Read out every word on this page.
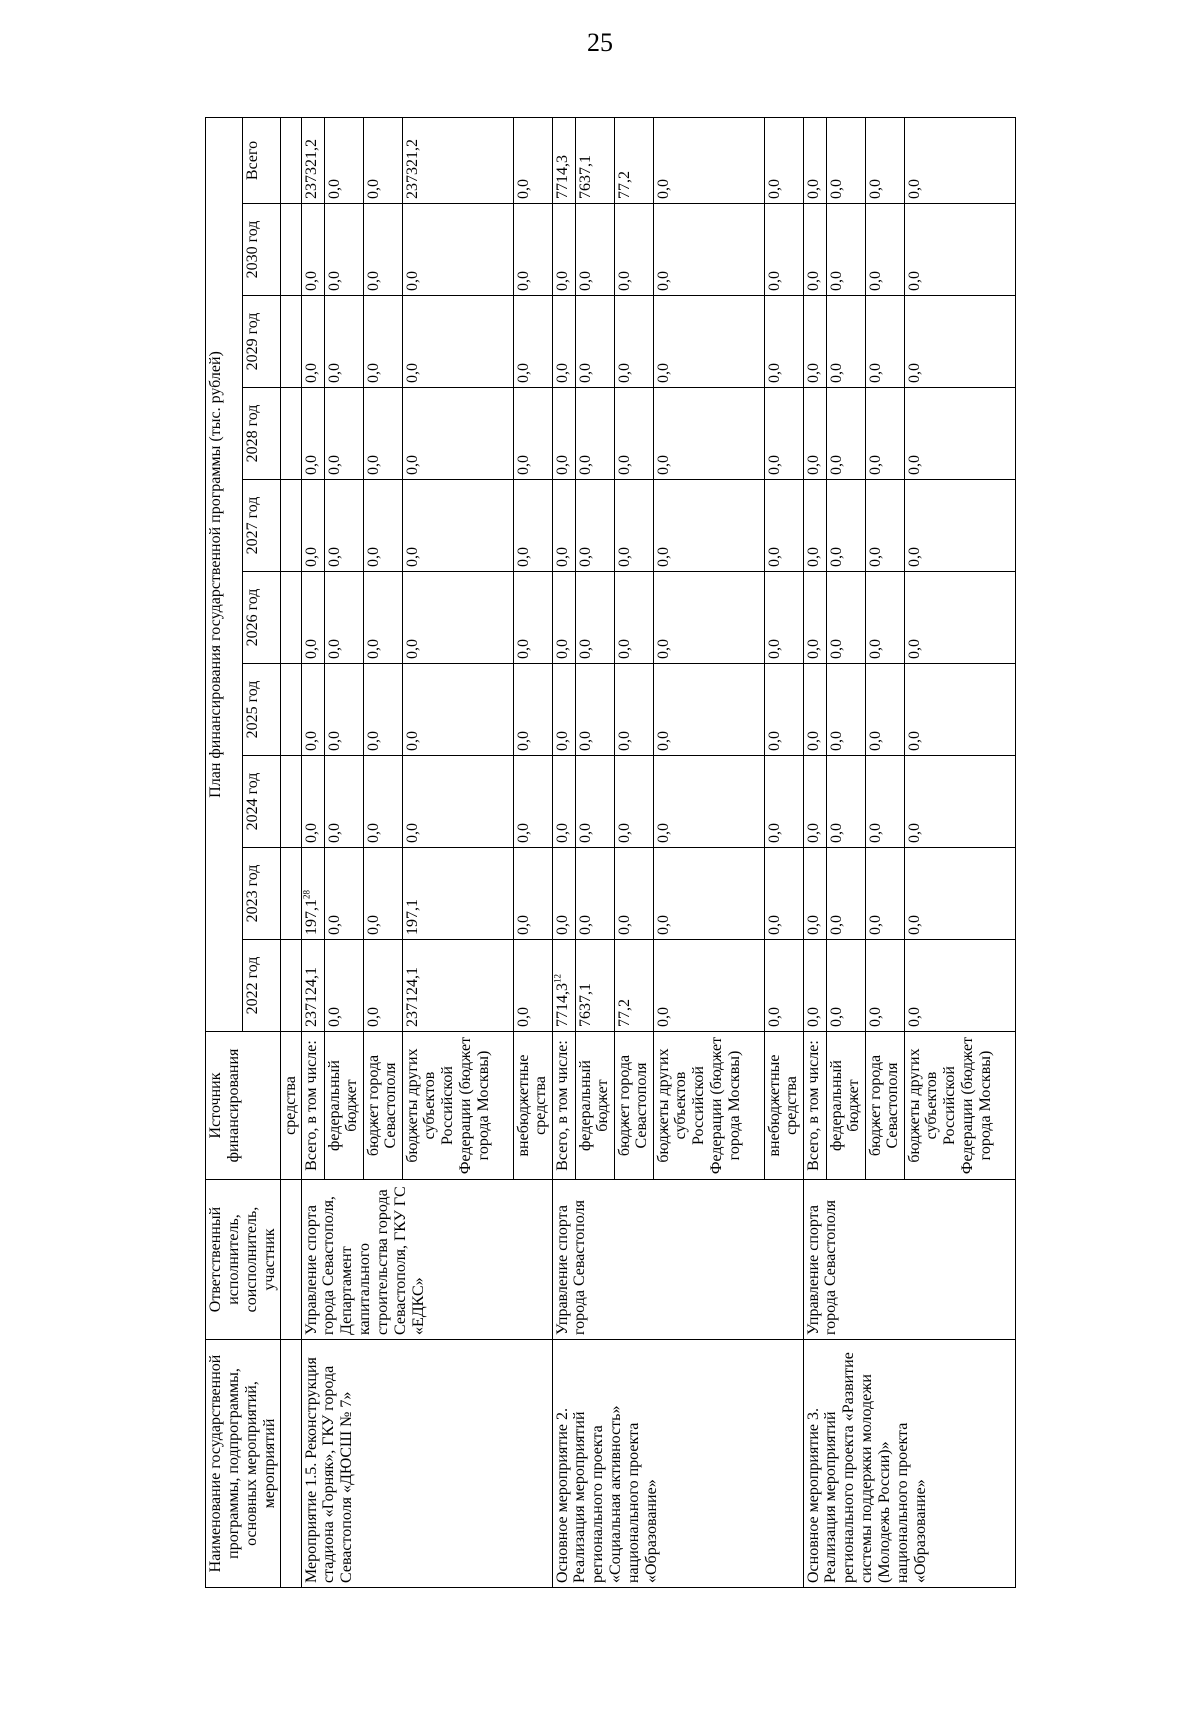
25
Наименование государственной программы, подпрограммы, основных мероприятий, мероприятий	Ответственный исполнитель, соисполнитель, участник	Источник финансирования	План финансирования государственной программы (тыс. рублей)									
			2022 год	2023 год	2024 год	2025 год	2026 год	2027 год	2028 год	2029 год	2030 год	Всего
		средства										
Мероприятие 1.5. Реконструкция стадиона «Горняк», ГКУ города Севастополя «ДЮСШ № 7»	Управление спорта города Севастополя, Департамент капитального строительства города Севастополя, ГКУ ГС «ЕДКС»	Всего, в том числе:	237124,1	197,1$^{28}$	0,0	0,0	0,0	0,0	0,0	0,0	0,0	237321,2
		федеральный бюджет	0,0	0,0	0,0	0,0	0,0	0,0	0,0	0,0	0,0	0,0
		бюджет города Севастополя	0,0	0,0	0,0	0,0	0,0	0,0	0,0	0,0	0,0	0,0
		бюджеты других субъектов Российской Федерации (бюджет города Москвы)	237124,1	197,1	0,0	0,0	0,0	0,0	0,0	0,0	0,0	237321,2
		внебюджетные средства	0,0	0,0	0,0	0,0	0,0	0,0	0,0	0,0	0,0	0,0
Основное мероприятие 2. Реализация мероприятий регионального проекта «Социальная активность» национального проекта «Образование»	Управление спорта города Севастополя	Всего, в том числе:	7714,3$^{12}$	0,0	0,0	0,0	0,0	0,0	0,0	0,0	0,0	7714,3
		федеральный бюджет	7637,1	0,0	0,0	0,0	0,0	0,0	0,0	0,0	0,0	7637,1
		бюджет города Севастополя	77,2	0,0	0,0	0,0	0,0	0,0	0,0	0,0	0,0	77,2
		бюджеты других субъектов Российской Федерации (бюджет города Москвы)	0,0	0,0	0,0	0,0	0,0	0,0	0,0	0,0	0,0	0,0
		внебюджетные средства	0,0	0,0	0,0	0,0	0,0	0,0	0,0	0,0	0,0	0,0
Основное мероприятие 3. Реализация мероприятий регионального проекта «Развитие системы поддержки молодежи (Молодежь России)» национального проекта «Образование»	Управление спорта города Севастополя	Всего, в том числе:	0,0	0,0	0,0	0,0	0,0	0,0	0,0	0,0	0,0	0,0
		федеральный бюджет	0,0	0,0	0,0	0,0	0,0	0,0	0,0	0,0	0,0	0,0
		бюджет города Севастополя	0,0	0,0	0,0	0,0	0,0	0,0	0,0	0,0	0,0	0,0
		бюджеты других субъектов Российской Федерации (бюджет города Москвы)	0,0	0,0	0,0	0,0	0,0	0,0	0,0	0,0	0,0	0,0
